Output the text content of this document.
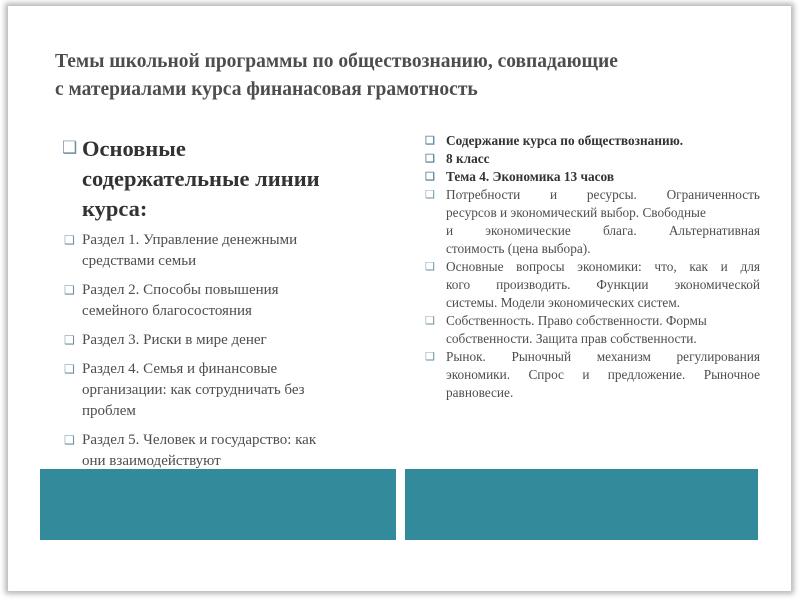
Темы школьной программы по обществознанию, совпадающие
с материалами курса финанасовая грамотность
❑ Основные
содержательные линии
курса:
❑ Раздел 1. Управление денежными
средствами семьи
❑ Раздел 2. Способы повышения
семейного благосостояния
❑ Раздел 3. Риски в мире денег
❑ Раздел 4. Семья и финансовые
организации: как сотрудничать без
проблем
❑ Раздел 5. Человек и государство: как
они взаимодействуют
❑ Содержание курса по обществознанию.
❑ 8 класс
❑ Тема 4. Экономика 13 часов
❑ Потребности и ресурсы. Ограниченность
ресурсов и экономический выбор. Свободные
и экономические блага. Альтернативная
стоимость (цена выбора).
❑ Основные вопросы экономики: что, как и для
кого производить. Функции экономической
системы. Модели экономических систем.
❑ Собственность. Право собственности. Формы
собственности. Защита прав собственности.
❑ Рынок. Рыночный механизм регулирования
экономики. Спрос и предложение. Рыночное
равновесие.
